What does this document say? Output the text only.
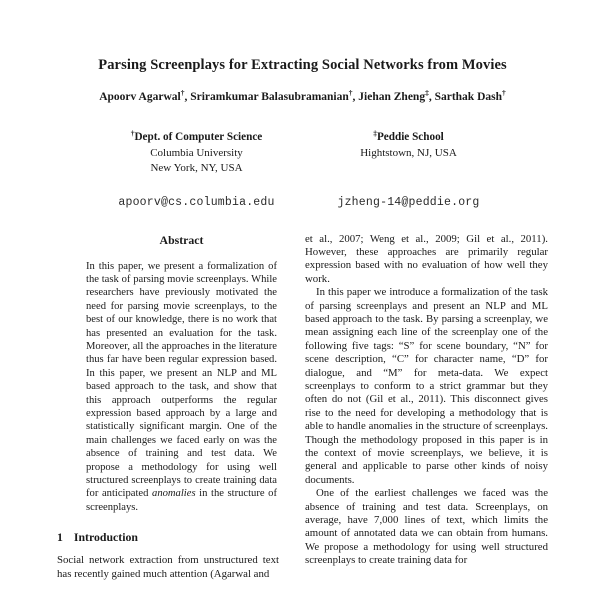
Parsing Screenplays for Extracting Social Networks from Movies
Apoorv Agarwal†, Sriramkumar Balasubramanian†, Jiehan Zheng‡, Sarthak Dash†
†Dept. of Computer Science
Columbia University
New York, NY, USA
‡Peddie School
Hightstown, NJ, USA
apoorv@cs.columbia.edu	jzheng-14@peddie.org
Abstract

In this paper, we present a formalization of the task of parsing movie screenplays. While researchers have previously motivated the need for parsing movie screenplays, to the best of our knowledge, there is no work that has presented an evaluation for the task. Moreover, all the approaches in the literature thus far have been regular expression based. In this paper, we present an NLP and ML based approach to the task, and show that this approach outperforms the regular expression based approach by a large and statistically significant margin. One of the main challenges we faced early on was the absence of training and test data. We propose a methodology for using well structured screenplays to create training data for anticipated anomalies in the structure of screenplays.

1 Introduction

Social network extraction from unstructured text has recently gained much attention (Agarwal and

et al., 2007; Weng et al., 2009; Gil et al., 2011). However, these approaches are primarily regular expression based with no evaluation of how well they work.

In this paper we introduce a formalization of the task of parsing screenplays and present an NLP and ML based approach to the task. By parsing a screenplay, we mean assigning each line of the screenplay one of the following five tags: “S” for scene boundary, “N” for scene description, “C” for character name, “D” for dialogue, and “M” for meta-data. We expect screenplays to conform to a strict grammar but they often do not (Gil et al., 2011). This disconnect gives rise to the need for developing a methodology that is able to handle anomalies in the structure of screenplays. Though the methodology proposed in this paper is in the context of movie screenplays, we believe, it is general and applicable to parse other kinds of noisy documents.

One of the earliest challenges we faced was the absence of training and test data. Screenplays, on average, have 7,000 lines of text, which limits the amount of annotated data we can obtain from humans. We propose a methodology for using well structured screenplays to create training data for
